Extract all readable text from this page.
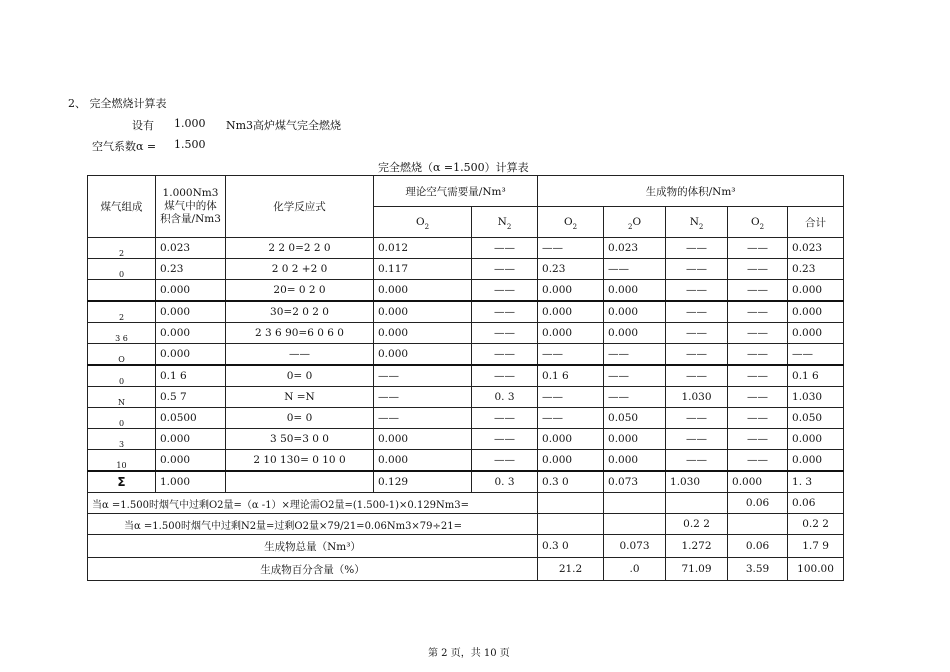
2、 完全燃烧计算表
设有 1.000 Nm3高炉煤气完全燃烧
空气系数α = 1.500
完全燃烧（α =1.500）计算表
煤气组成	1.000Nm3煤气中的体积含量/Nm3	化学反应式	理论空气需要量/Nm³		生成物的体积/Nm³				
			$O_2$	$N_2$	$O_2$	$_2$O	$N_2$	$O_2$	合计
2	0.023	2 2 0=2 2 0	0.012	——	——	0.023	——	——	0.023
0	0.23	2 0 2 +2 0	0.117	——	0.23	——	——	——	0.23
	0.000	20= 0 2 0	0.000	——	0.000	0.000	——	——	0.000
2	0.000	30=2 0 2 0	0.000	——	0.000	0.000	——	——	0.000
3 6	0.000	2 3 6 90=6 0 6 0	0.000	——	0.000	0.000	——	——	0.000
O	0.000	——	0.000	——	——	——	——	——	——
0	0.1 6	0= 0	——	——	0.1 6	——	——	——	0.1 6
N	0.5 7	N =N	——	0. 3	——	——	1.030	——	1.030
0	0.0500	0= 0	——	——	——	0.050	——	——	0.050
3	0.000	3 50=3 0 0	0.000	——	0.000	0.000	——	——	0.000
10	0.000	2 10 130= 0 10 0	0.000	——	0.000	0.000	——	——	0.000
Σ	1.000		0.129	0. 3	0.3 0	0.073	1.030	0.000	1. 3
当α =1.500时烟气中过剩O2量=（α -1）×理论需O2量=(1.500-1)×0.129Nm3=								0.06	0.06
当α =1.500时烟气中过剩N2量=过剩O2量×79/21=0.06Nm3×79÷21=							0.2 2		0.2 2
生成物总量（Nm³）					0.3 0	0.073	1.272	0.06	1.7 9
生成物百分含量（%）					21.2	.0	71.09	3.59	100.00
第 2 页，共 10 页
